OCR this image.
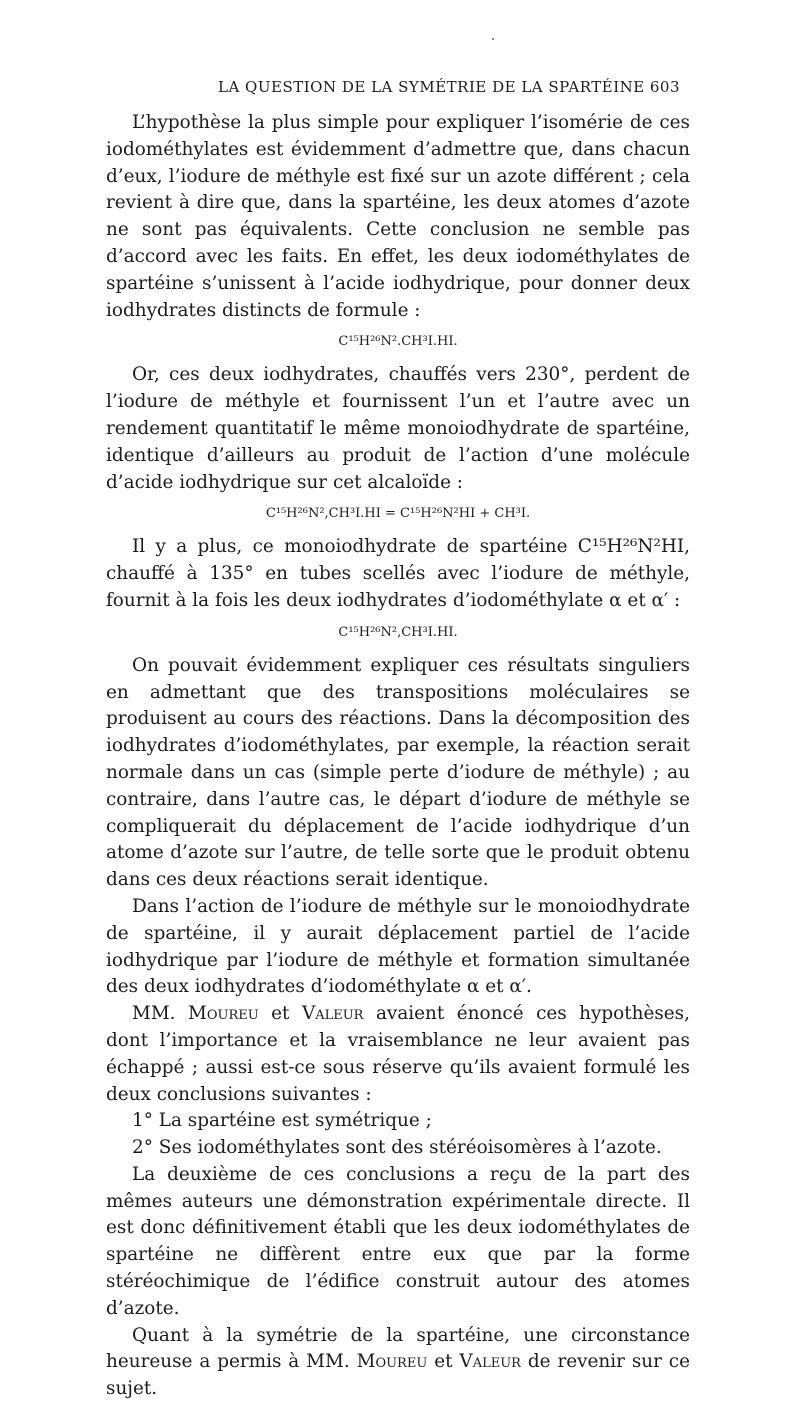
LA QUESTION DE LA SYMÉTRIE DE LA SPARTÉINE 603

L’hypothèse la plus simple pour expliquer l’isomérie de ces iodométhylates est évidemment d’admettre que, dans chacun d’eux, l’iodure de méthyle est fixé sur un azote différent ; cela revient à dire que, dans la spartéine, les deux atomes d’azote ne sont pas équivalents. Cette conclusion ne semble pas d’accord avec les faits. En effet, les deux iodométhylates de spartéine s’unissent à l’acide iodhydrique, pour donner deux iodhydrates distincts de formule :

C¹⁵H²⁶N².CH³I.HI.

Or, ces deux iodhydrates, chauffés vers 230°, perdent de l’iodure de méthyle et fournissent l’un et l’autre avec un rendement quantitatif le même monoiodhydrate de spartéine, identique d’ailleurs au produit de l’action d’une molécule d’acide iodhydrique sur cet alcaloïde :

C¹⁵H²⁶N²,CH³I.HI = C¹⁵H²⁶N²HI + CH³I.

Il y a plus, ce monoiodhydrate de spartéine C¹⁵H²⁶N²HI, chauffé à 135° en tubes scellés avec l’iodure de méthyle, fournit à la fois les deux iodhydrates d’iodométhylate α et α′ :

C¹⁵H²⁶N²,CH³I.HI.

On pouvait évidemment expliquer ces résultats singuliers en admettant que des transpositions moléculaires se produisent au cours des réactions. Dans la décomposition des iodhydrates d’iodométhylates, par exemple, la réaction serait normale dans un cas (simple perte d’iodure de méthyle) ; au contraire, dans l’autre cas, le départ d’iodure de méthyle se compliquerait du déplacement de l’acide iodhydrique d’un atome d’azote sur l’autre, de telle sorte que le produit obtenu dans ces deux réactions serait identique.

Dans l’action de l’iodure de méthyle sur le monoiodhydrate de spartéine, il y aurait déplacement partiel de l’acide iodhydrique par l’iodure de méthyle et formation simultanée des deux iodhydrates d’iodométhylate α et α′.

MM. Moureu et Valeur avaient énoncé ces hypothèses, dont l’importance et la vraisemblance ne leur avaient pas échappé ; aussi est-ce sous réserve qu’ils avaient formulé les deux conclusions suivantes :

1° La spartéine est symétrique ;

2° Ses iodométhylates sont des stéréoisomères à l’azote.

La deuxième de ces conclusions a reçu de la part des mêmes auteurs une démonstration expérimentale directe. Il est donc définitivement établi que les deux iodométhylates de spartéine ne diffèrent entre eux que par la forme stéréochimique de l’édifice construit autour des atomes d’azote.

Quant à la symétrie de la spartéine, une circonstance heureuse a permis à MM. Moureu et Valeur de revenir sur ce sujet.
